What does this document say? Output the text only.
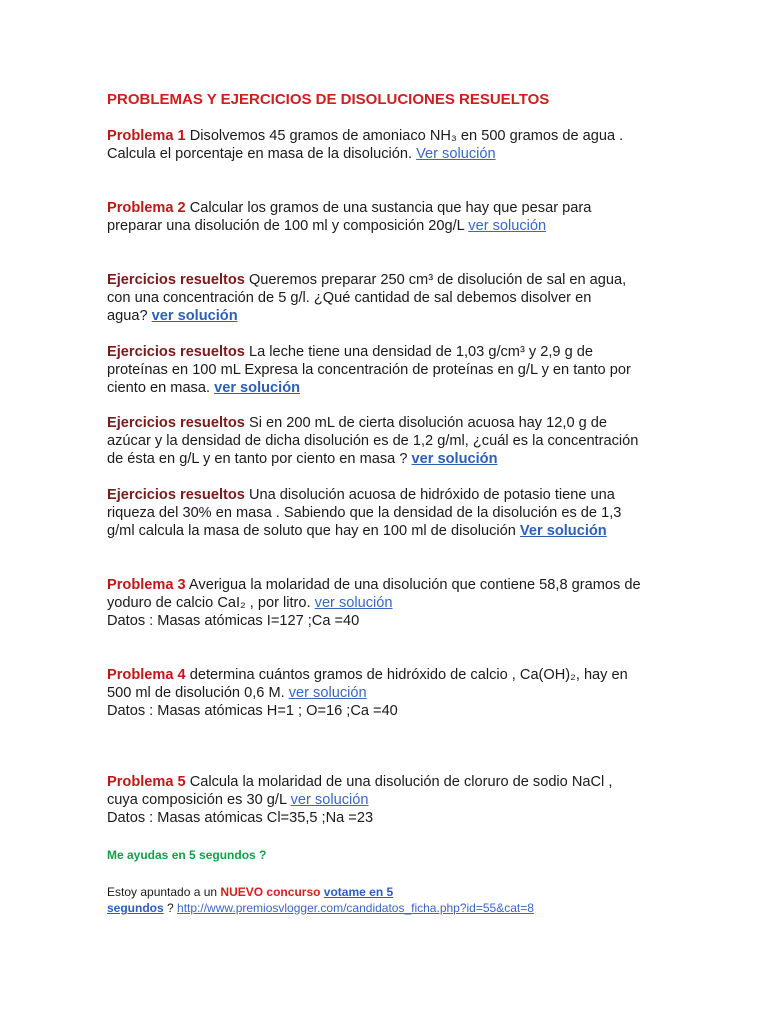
PROBLEMAS Y EJERCICIOS DE DISOLUCIONES RESUELTOS
Problema 1 Disolvemos 45 gramos de amoniaco NH₃ en 500 gramos de agua .
Calcula el porcentaje en masa de la disolución. Ver solución
Problema 2 Calcular los gramos de una sustancia que hay que pesar para
preparar una disolución de 100 ml y composición 20g/L ver solución
Ejercicios resueltos Queremos preparar 250 cm³ de disolución de sal en agua,
con una concentración de 5 g/l. ¿Qué cantidad de sal debemos disolver en
agua? ver solución
Ejercicios resueltos La leche tiene una densidad de 1,03 g/cm³ y 2,9 g de
proteínas en 100 mL Expresa la concentración de proteínas en g/L y en tanto por
ciento en masa. ver solución
Ejercicios resueltos Si en 200 mL de cierta disolución acuosa hay 12,0 g de
azúcar y la densidad de dicha disolución es de 1,2 g/ml, ¿cuál es la concentración
de ésta en g/L y en tanto por ciento en masa ? ver solución
Ejercicios resueltos Una disolución acuosa de hidróxido de potasio tiene una
riqueza del 30% en masa . Sabiendo que la densidad de la disolución es de 1,3
g/ml calcula la masa de soluto que hay en 100 ml de disolución Ver solución
Problema 3 Averigua la molaridad de una disolución que contiene 58,8 gramos de
yoduro de calcio CaI₂ , por litro. ver solución
Datos : Masas atómicas I=127 ;Ca =40
Problema 4 determina cuántos gramos de hidróxido de calcio , Ca(OH)₂, hay en
500 ml de disolución 0,6 M. ver solución
Datos : Masas atómicas H=1 ; O=16 ;Ca =40
Problema 5 Calcula la molaridad de una disolución de cloruro de sodio NaCl ,
cuya composición es 30 g/L ver solución
Datos : Masas atómicas Cl=35,5 ;Na =23
Me ayudas en 5 segundos ?
Estoy apuntado a un NUEVO concurso votame en 5
segundos ? http://www.premiosvlogger.com/candidatos_ficha.php?id=55&cat=8
